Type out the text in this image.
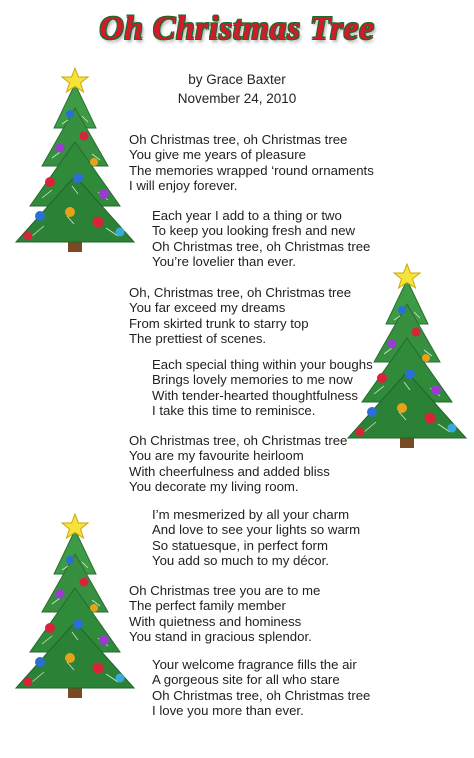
Oh Christmas Tree
by Grace Baxter
November 24, 2010
Oh Christmas tree, oh Christmas tree
You give me years of pleasure
The memories wrapped ‘round ornaments
I will enjoy forever.
Each year I add to a thing or two
To keep you looking fresh and new
Oh Christmas tree, oh Christmas tree
You’re lovelier than ever.
Oh, Christmas tree, oh Christmas tree
You far exceed my dreams
From skirted trunk to starry top
The prettiest of scenes.
Each special thing within your boughs
Brings lovely memories to me now
With tender-hearted thoughtfulness
I take this time to reminisce.
Oh Christmas tree, oh Christmas tree
You are my favourite heirloom
With cheerfulness and added bliss
You decorate my living room.
I’m mesmerized by all your charm
And love to see your lights so warm
So statuesque, in perfect form
You add so much to my décor.
Oh Christmas tree you are to me
The perfect family member
With quietness and hominess
You stand in gracious splendor.
Your welcome fragrance fills the air
A gorgeous site for all who stare
Oh Christmas tree, oh Christmas tree
I love you more than ever.
